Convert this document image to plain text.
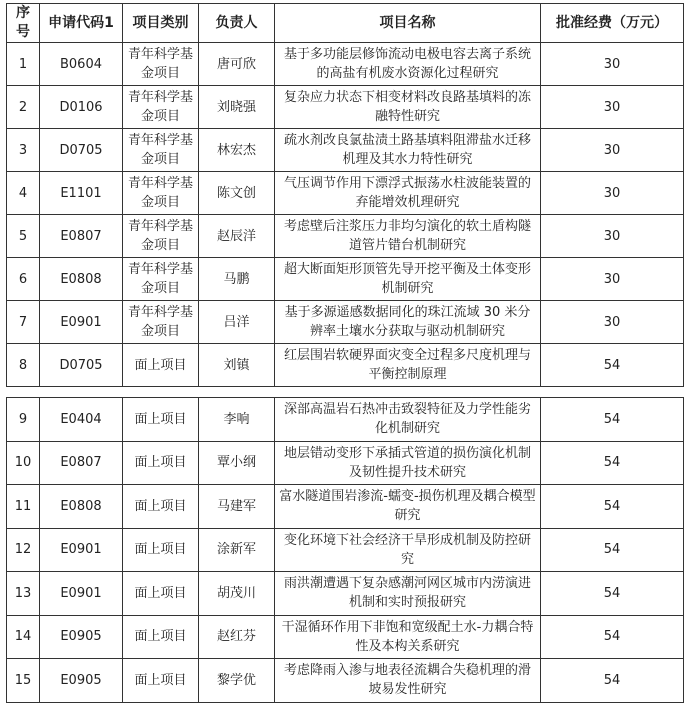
序号	申请代码1	项目类别	负责人	项目名称	批准经费（万元）
1	B0604	青年科学基金项目	唐可欣	基于多功能层修饰流动电极电容去离子系统的高盐有机废水资源化过程研究	30
2	D0106	青年科学基金项目	刘晓强	复杂应力状态下相变材料改良路基填料的冻融特性研究	30
3	D0705	青年科学基金项目	林宏杰	疏水剂改良氯盐渍土路基填料阻滞盐水迁移机理及其水力特性研究	30
4	E1101	青年科学基金项目	陈文创	气压调节作用下漂浮式振荡水柱波能装置的弃能增效机理研究	30
5	E0807	青年科学基金项目	赵辰洋	考虑壁后注浆压力非均匀演化的软土盾构隧道管片错台机制研究	30
6	E0808	青年科学基金项目	马鹏	超大断面矩形顶管先导开挖平衡及土体变形机制研究	30
7	E0901	青年科学基金项目	吕洋	基于多源遥感数据同化的珠江流域 30 米分辨率土壤水分获取与驱动机制研究	30
8	D0705	面上项目	刘镇	红层围岩软硬界面灾变全过程多尺度机理与平衡控制原理	54
9	E0404	面上项目	李响	深部高温岩石热冲击致裂特征及力学性能劣化机制研究	54
10	E0807	面上项目	覃小纲	地层错动变形下承插式管道的损伤演化机制及韧性提升技术研究	54
11	E0808	面上项目	马建军	富水隧道围岩渗流-蠕变-损伤机理及耦合模型研究	54
12	E0901	面上项目	涂新军	变化环境下社会经济干旱形成机制及防控研究	54
13	E0901	面上项目	胡茂川	雨洪潮遭遇下复杂感潮河网区城市内涝演进机制和实时预报研究	54
14	E0905	面上项目	赵红芬	干湿循环作用下非饱和宽级配土水-力耦合特性及本构关系研究	54
15	E0905	面上项目	黎学优	考虑降雨入渗与地表径流耦合失稳机理的滑坡易发性研究	54
